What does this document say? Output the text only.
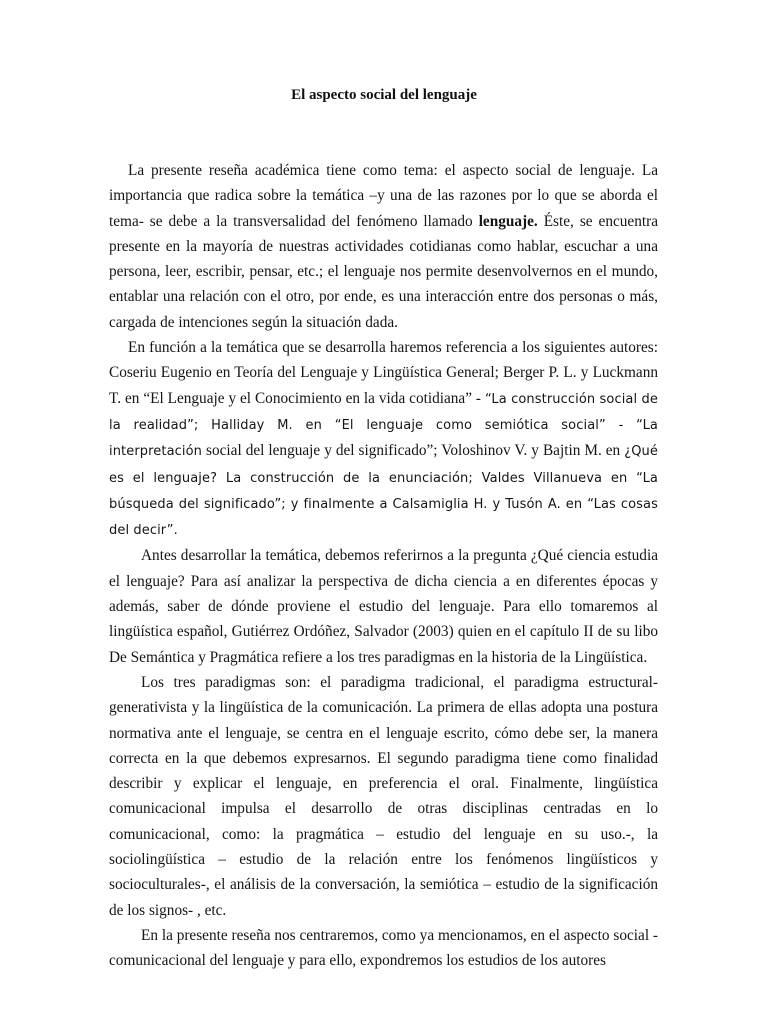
El aspecto social del lenguaje

La presente reseña académica tiene como tema: el aspecto social de lenguaje. La importancia que radica sobre la temática –y una de las razones por lo que se aborda el tema- se debe a la transversalidad del fenómeno llamado lenguaje. Éste, se encuentra presente en la mayoría de nuestras actividades cotidianas como hablar, escuchar a una persona, leer, escribir, pensar, etc.; el lenguaje nos permite desenvolvernos en el mundo, entablar una relación con el otro, por ende, es una interacción entre dos personas o más, cargada de intenciones según la situación dada.

En función a la temática que se desarrolla haremos referencia a los siguientes autores: Coseriu Eugenio en Teoría del Lenguaje y Lingüística General; Berger P. L. y Luckmann T. en “El Lenguaje y el Conocimiento en la vida cotidiana” - “La construcción social de la realidad”; Halliday M. en “El lenguaje como semiótica social” - “La interpretación social del lenguaje y del significado”; Voloshinov V. y Bajtin M. en ¿Qué es el lenguaje? La construcción de la enunciación; Valdes Villanueva en “La búsqueda del significado”; y finalmente a Calsamiglia H. y Tusón A. en “Las cosas del decir”.

Antes desarrollar la temática, debemos referirnos a la pregunta ¿Qué ciencia estudia el lenguaje? Para así analizar la perspectiva de dicha ciencia a en diferentes épocas y además, saber de dónde proviene el estudio del lenguaje. Para ello tomaremos al lingüística español, Gutiérrez Ordóñez, Salvador (2003) quien en el capítulo II de su libo De Semántica y Pragmática refiere a los tres paradigmas en la historia de la Lingüística.

Los tres paradigmas son: el paradigma tradicional, el paradigma estructural-generativista y la lingüística de la comunicación. La primera de ellas adopta una postura normativa ante el lenguaje, se centra en el lenguaje escrito, cómo debe ser, la manera correcta en la que debemos expresarnos. El segundo paradigma tiene como finalidad describir y explicar el lenguaje, en preferencia el oral. Finalmente, lingüística comunicacional impulsa el desarrollo de otras disciplinas centradas en lo comunicacional, como: la pragmática – estudio del lenguaje en su uso.-, la sociolingüística – estudio de la relación entre los fenómenos lingüísticos y socioculturales-, el análisis de la conversación, la semiótica – estudio de la significación de los signos- , etc.

En la presente reseña nos centraremos, como ya mencionamos, en el aspecto social - comunicacional del lenguaje y para ello, expondremos los estudios de los autores
